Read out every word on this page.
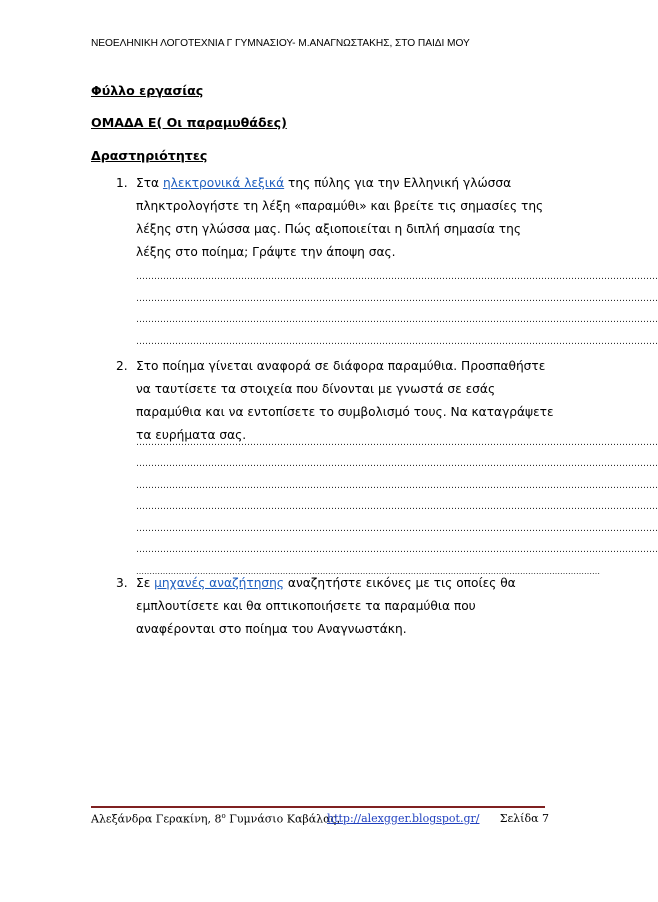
ΝΕΟΕΛΗΝΙΚΗ ΛΟΓΟΤΕΧΝΙΑ Γ ΓΥΜΝΑΣΙΟΥ- Μ.ΑΝΑΓΝΩΣΤΑΚΗΣ, ΣΤΟ ΠΑΙΔΙ ΜΟΥ
Φύλλο εργασίας
ΟΜΑΔΑ Ε( Οι παραμυθάδες)
Δραστηριότητες
1. Στα ηλεκτρονικά λεξικά της πύλης για την Ελληνική γλώσσα πληκτρολογήστε τη λέξη «παραμύθι» και βρείτε τις σημασίες της λέξης στη γλώσσα μας. Πώς αξιοποιείται η διπλή σημασία της λέξης στο ποίημα; Γράψτε την άποψη σας.
…………………………………………………………………………………………………………………………………………………………
…………………………………………………………………………………………………………………………………………………………
…………………………………………………………………………………………………………………………………………………………
…………………………………………………………………………………………………………………………………………………………
2. Στο ποίημα γίνεται αναφορά σε διάφορα παραμύθια. Προσπαθήστε να ταυτίσετε τα στοιχεία που δίνονται με γνωστά σε εσάς παραμύθια και να εντοπίσετε το συμβολισμό τους. Να καταγράψετε τα ευρήματα σας.
…………………………………………………………………………………………………………………………………………………………
…………………………………………………………………………………………………………………………………………………………
…………………………………………………………………………………………………………………………………………………………
…………………………………………………………………………………………………………………………………………………………
…………………………………………………………………………………………………………………………………………………………
…………………………………………………………………………………………………………………………………………………………
…………………………………………………………………………………………………………………………………………………………
3. Σε μηχανές αναζήτησης αναζητήστε εικόνες με τις οποίες θα εμπλουτίσετε και θα οπτικοποιήσετε τα παραμύθια που αναφέρονται στο ποίημα του Αναγνωστάκη.
Αλεξάνδρα Γερακίνη, $8^o$ Γυμνάσιο Καβάλας,
http://alexgger.blogspot.gr/ Σελίδα 7
